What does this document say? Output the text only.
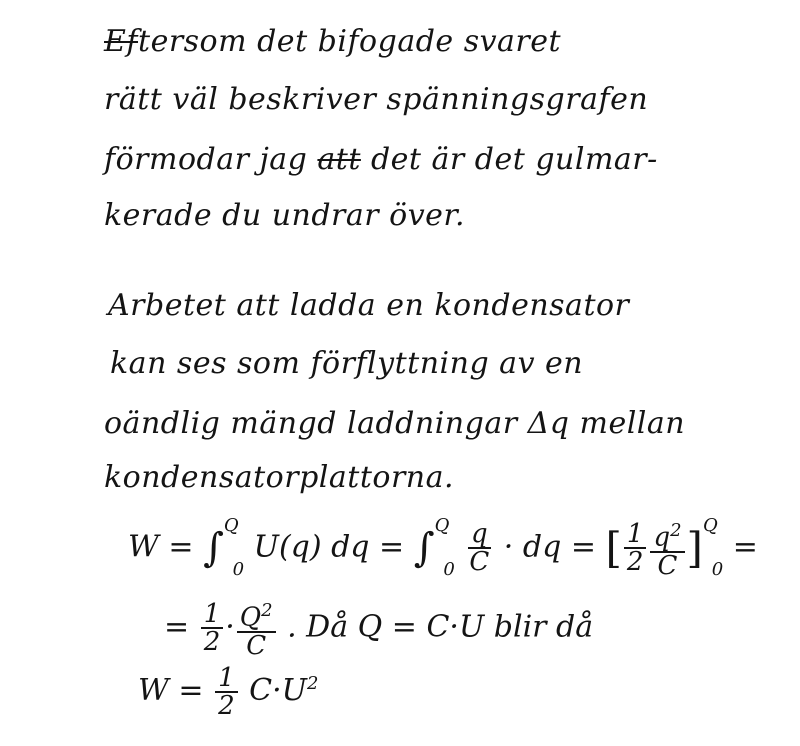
Eftersom det bifogade svaret
rätt väl beskriver spänningsgrafen
förmodar jag att det är det gulmar-
kerade du undrar över.
Arbetet att ladda en kondensator
kan ses som förflyttning av en
oändlig mängd laddningar Δq mellan
kondensatorplattorna.
W = ∫$^Q_0$ U(q) dq = $\int^Q_0 \frac{q}{C}$ · dq = [ $\frac{1}{2} \frac{q^2}{C} ]^Q_0$ =
= $\frac{1}{2} \cdot \frac{Q^2}{C}$ . Då Q = C·U blir då
$W = \frac{1}{2} C\cdot U^2$
